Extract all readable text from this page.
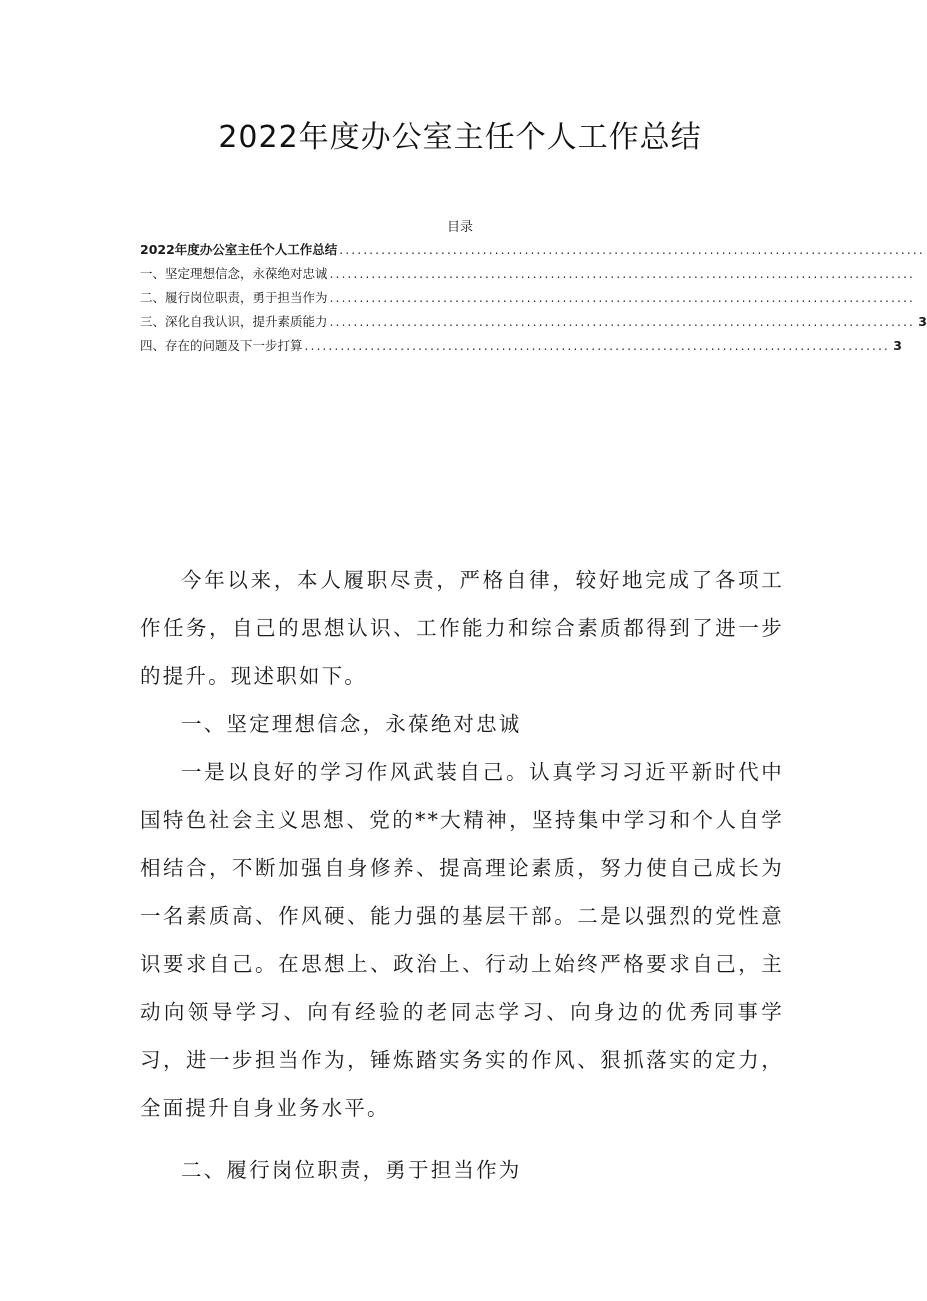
2022年度办公室主任个人工作总结
目录
2022年度办公室主任个人工作总结 ..................................................................................................
一、坚定理想信念，永葆绝对忠诚 ..................................................................................................
二、履行岗位职责，勇于担当作为 ..................................................................................................
三、深化自我认识，提升素质能力 .................................................................................................. 3
四、存在的问题及下一步打算 .................................................................................................. 3

今年以来，本人履职尽责，严格自律，较好地完成了各项工作任务，自己的思想认识、工作能力和综合素质都得到了进一步的提升。现述职如下。

一、坚定理想信念，永葆绝对忠诚

一是以良好的学习作风武装自己。认真学习习近平新时代中国特色社会主义思想、党的**大精神，坚持集中学习和个人自学相结合，不断加强自身修养、提高理论素质，努力使自己成长为一名素质高、作风硬、能力强的基层干部。二是以强烈的党性意识要求自己。在思想上、政治上、行动上始终严格要求自己，主动向领导学习、向有经验的老同志学习、向身边的优秀同事学习，进一步担当作为，锤炼踏实务实的作风、狠抓落实的定力，全面提升自身业务水平。

二、履行岗位职责，勇于担当作为
